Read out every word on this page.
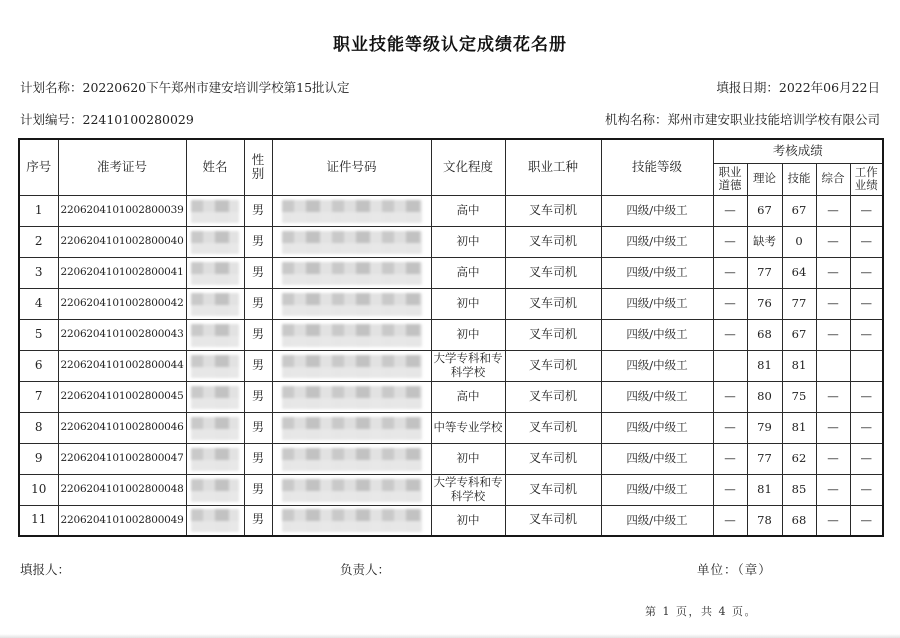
职业技能等级认定成绩花名册
计划名称：20220620下午郑州市建安培训学校第15批认定	填报日期：2022年06月22日
计划编号：22410100280029	机构名称：郑州市建安职业技能培训学校有限公司
序号	准考证号	姓名	性别	证件号码	文化程度	职业工种	技能等级	考核成绩				
								职业道德	理论	技能	综合	工作业绩
1	2206204101002800039		男		高中	叉车司机	四级/中级工	—	67	67	—	—
2	2206204101002800040		男		初中	叉车司机	四级/中级工	—	缺考	0	—	—
3	2206204101002800041		男		高中	叉车司机	四级/中级工	—	77	64	—	—
4	2206204101002800042		男		初中	叉车司机	四级/中级工	—	76	77	—	—
5	2206204101002800043		男		初中	叉车司机	四级/中级工	—	68	67	—	—
6	2206204101002800044		男		大学专科和专科学校	叉车司机	四级/中级工		81	81		
7	2206204101002800045		男		高中	叉车司机	四级/中级工	—	80	75	—	—
8	2206204101002800046		男		中等专业学校	叉车司机	四级/中级工	—	79	81	—	—
9	2206204101002800047		男		初中	叉车司机	四级/中级工	—	77	62	—	—
10	2206204101002800048		男		大学专科和专科学校	叉车司机	四级/中级工	—	81	85	—	—
11	2206204101002800049		男		初中	叉车司机	四级/中级工	—	78	68	—	—
填报人：	负责人：	单位：（章）
第 1 页，共 4 页。
